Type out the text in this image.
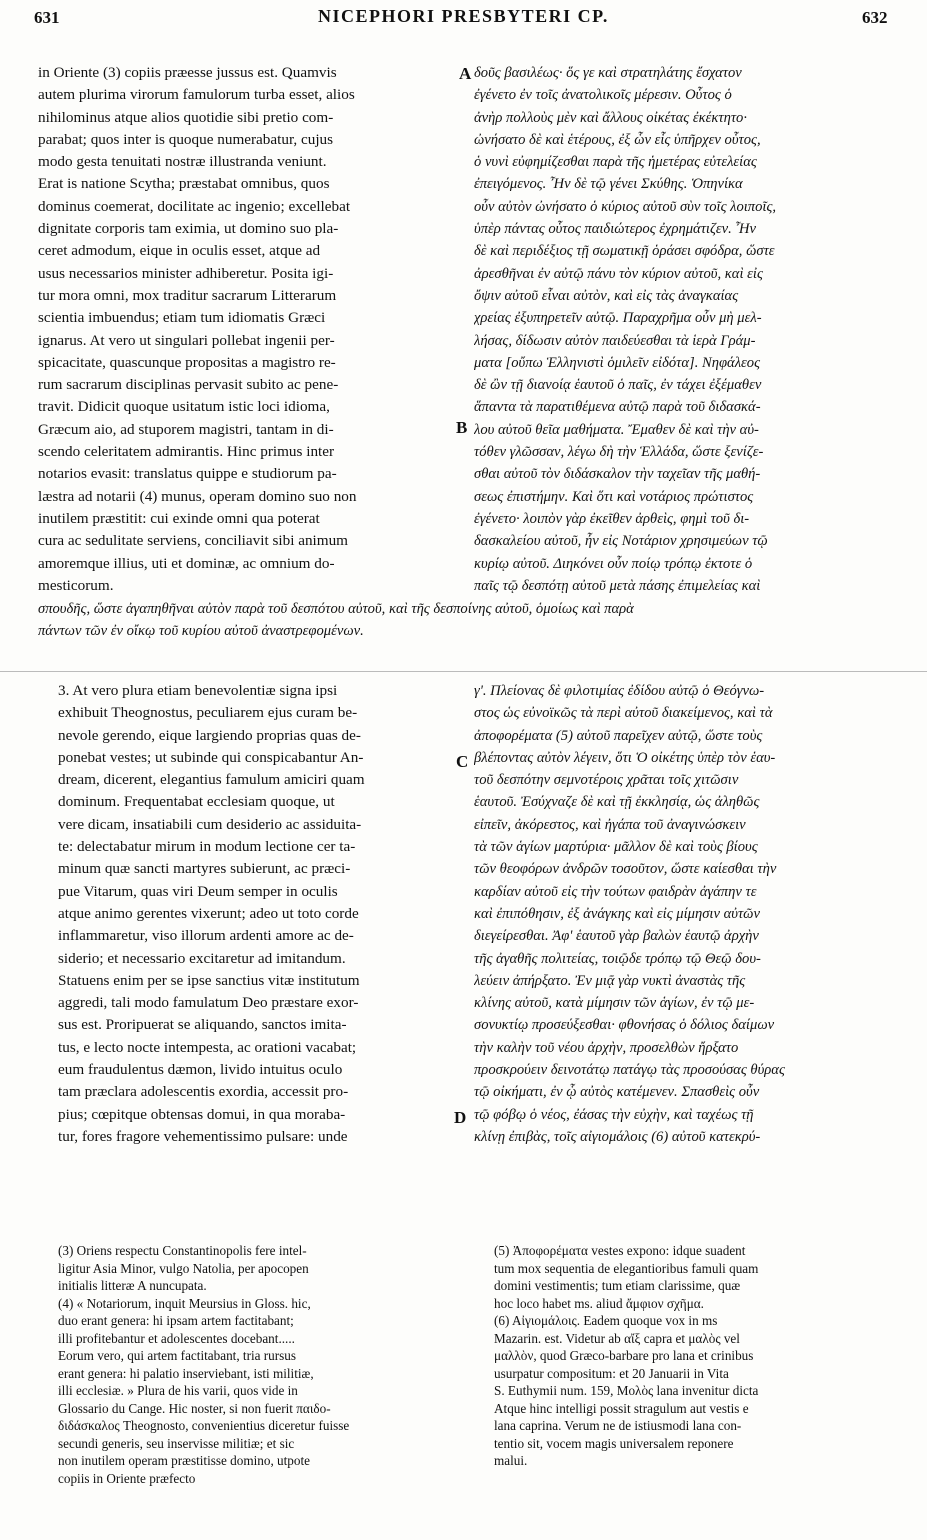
631	NICEPHORI PRESBYTERI CP.	632
A
B
C
D
in Oriente (3) copiis præesse jussus est. Quamvis
autem plurima virorum famulorum turba esset, alios
nihilominus atque alios quotidie sibi pretio com-
parabat; quos inter is quoque numerabatur, cujus
modo gesta tenuitati nostræ illustranda veniunt.
Erat is natione Scytha; præstabat omnibus, quos
dominus coemerat, docilitate ac ingenio; excellebat
dignitate corporis tam eximia, ut domino suo pla-
ceret admodum, eique in oculis esset, atque ad
usus necessarios minister adhiberetur. Posita igi-
tur mora omni, mox traditur sacrarum Litterarum
scientia imbuendus; etiam tum idiomatis Græci
ignarus. At vero ut singulari pollebat ingenii per-
spicacitate, quascunque propositas a magistro re-
rum sacrarum disciplinas pervasit subito ac pene-
travit. Didicit quoque usitatum istic loci idioma,
Græcum aio, ad stuporem magistri, tantam in di-
scendo celeritatem admirantis. Hinc primus inter
notarios evasit: translatus quippe e studiorum pa-
læstra ad notarii (4) munus, operam domino suo non
inutilem præstitit: cui exinde omni qua poterat
cura ac sedulitate serviens, conciliavit sibi animum
amoremque illius, uti et dominæ, ac omnium do-
mesticorum.
δοῦς βασιλέως· ὅς γε καὶ στρατηλάτης ἔσχατον
ἐγένετο ἐν τοῖς ἀνατολικοῖς μέρεσιν. Οὗτος ὁ
ἀνὴρ πολλοὺς μὲν καὶ ἄλλους οἰκέτας ἐκέκτητο·
ὠνήσατο δὲ καὶ ἑτέρους, ἐξ ὧν εἷς ὑπῆρχεν οὗτος,
ὁ νυνὶ εὐφημίζεσθαι παρὰ τῆς ἡμετέρας εὐτελείας
ἐπειγόμενος. Ἦν δὲ τῷ γένει Σκύθης. Ὁπηνίκα
οὖν αὐτὸν ὠνήσατο ὁ κύριος αὐτοῦ σὺν τοῖς λοιποῖς,
ὑπὲρ πάντας οὗτος παιδιώτερος ἐχρημάτιζεν. Ἦν
δὲ καὶ περιδέξιος τῇ σωματικῇ ὁράσει σφόδρα, ὥστε
ἀρεσθῆναι ἐν αὐτῷ πάνυ τὸν κύριον αὐτοῦ, καὶ εἰς
ὄψιν αὐτοῦ εἶναι αὐτὸν, καὶ εἰς τὰς ἀναγκαίας
χρείας ἐξυπηρετεῖν αὐτῷ. Παραχρῆμα οὖν μὴ μελ-
λήσας, δίδωσιν αὐτὸν παιδεύεσθαι τὰ ἱερὰ Γράμ-
ματα [οὔπω Ἑλληνιστὶ ὁμιλεῖν εἰδότα]. Νηφάλεος
δὲ ὢν τῇ διανοίᾳ ἑαυτοῦ ὁ παῖς, ἐν τάχει ἐξέμαθεν
ἅπαντα τὰ παρατιθέμενα αὐτῷ παρὰ τοῦ διδασκά-
λου αὐτοῦ θεῖα μαθήματα. Ἔμαθεν δὲ καὶ τὴν αὐ-
τόθεν γλῶσσαν, λέγω δὴ τὴν Ἑλλάδα, ὥστε ξενίζε-
σθαι αὐτοῦ τὸν διδάσκαλον τὴν ταχεῖαν τῆς μαθή-
σεως ἐπιστήμην. Καὶ ὅτι καὶ νοτάριος πρώτιστος
ἐγένετο· λοιπὸν γὰρ ἐκεῖθεν ἀρθεὶς, φημὶ τοῦ δι-
δασκαλείου αὐτοῦ, ἦν εἰς Νοτάριον χρησιμεύων τῷ
κυρίῳ αὐτοῦ. Διηκόνει οὖν ποίῳ τρόπῳ ἐκτοτε ὁ
παῖς τῷ δεσπότῃ αὐτοῦ μετὰ πάσης ἐπιμελείας καὶ
σπουδῆς, ὥστε ἀγαπηθῆναι αὐτὸν παρὰ τοῦ δεσπότου αὐτοῦ, καὶ τῆς δεσποίνης αὐτοῦ, ὁμοίως καὶ παρὰ
πάντων τῶν ἐν οἴκῳ τοῦ κυρίου αὐτοῦ ἀναστρεφομένων.
3. At vero plura etiam benevolentiæ signa ipsi
exhibuit Theognostus, peculiarem ejus curam be-
nevole gerendo, eique largiendo proprias quas de-
ponebat vestes; ut subinde qui conspicabantur An-
dream, dicerent, elegantius famulum amiciri quam
dominum. Frequentabat ecclesiam quoque, ut
vere dicam, insatiabili cum desiderio ac assiduita-
te: delectabatur mirum in modum lectione cer ta-
minum quæ sancti martyres subierunt, ac præci-
pue Vitarum, quas viri Deum semper in oculis
atque animo gerentes vixerunt; adeo ut toto corde
inflammaretur, viso illorum ardenti amore ac de-
siderio; et necessario excitaretur ad imitandum.
Statuens enim per se ipse sanctius vitæ institutum
aggredi, tali modo famulatum Deo præstare exor-
sus est. Proripuerat se aliquando, sanctos imita-
tus, e lecto nocte intempesta, ac orationi vacabat;
eum fraudulentus dæmon, livido intuitus oculo
tam præclara adolescentis exordia, accessit pro-
pius; cœpitque obtensas domui, in qua moraba-
tur, fores fragore vehementissimo pulsare: unde
γ'. Πλείονας δὲ φιλοτιμίας ἐδίδου αὐτῷ ὁ Θεόγνω-
στος ὡς εὐνοϊκῶς τὰ περὶ αὐτοῦ διακείμενος, καὶ τὰ
ἀποφορέματα (5) αὐτοῦ παρεῖχεν αὐτῷ, ὥστε τοὺς
βλέποντας αὐτὸν λέγειν, ὅτι Ὁ οἰκέτης ὑπὲρ τὸν ἑαυ-
τοῦ δεσπότην σεμνοτέροις χρᾶται τοῖς χιτῶσιν
ἑαυτοῦ. Ἐσύχναζε δὲ καὶ τῇ ἐκκλησίᾳ, ὡς ἀληθῶς
εἰπεῖν, ἀκόρεστος, καὶ ἠγάπα τοῦ ἀναγινώσκειν
τὰ τῶν ἁγίων μαρτύρια· μᾶλλον δὲ καὶ τοὺς βίους
τῶν θεοφόρων ἀνδρῶν τοσοῦτον, ὥστε καίεσθαι τὴν
καρδίαν αὐτοῦ εἰς τὴν τούτων φαιδρὰν ἀγάπην τε
καὶ ἐπιπόθησιν, ἐξ ἀνάγκης καὶ εἰς μίμησιν αὐτῶν
διεγείρεσθαι. Ἀφ' ἑαυτοῦ γὰρ βαλὼν ἑαυτῷ ἀρχὴν
τῆς ἀγαθῆς πολιτείας, τοιῷδε τρόπῳ τῷ Θεῷ δου-
λεύειν ἀπήρξατο. Ἐν μιᾷ γὰρ νυκτὶ ἀναστὰς τῆς
κλίνης αὐτοῦ, κατὰ μίμησιν τῶν ἁγίων, ἐν τῷ με-
σονυκτίῳ προσεύξεσθαι· φθονήσας ὁ δόλιος δαίμων
τὴν καλὴν τοῦ νέου ἀρχὴν, προσελθὼν ἤρξατο
προσκρούειν δεινοτάτῳ πατάγῳ τὰς προσούσας θύρας
τῷ οἰκήματι, ἐν ᾧ αὐτὸς κατέμενεν. Σπασθεὶς οὖν
τῷ φόβῳ ὁ νέος, ἐάσας τὴν εὐχὴν, καὶ ταχέως τῇ
κλίνῃ ἐπιβὰς, τοῖς αἰγιομάλοις (6) αὐτοῦ κατεκρύ-
(3) Oriens respectu Constantinopolis fere intel-
ligitur Asia Minor, vulgo Natolia, per apocopen
initialis litteræ A nuncupata.
(4) « Notariorum, inquit Meursius in Gloss. hic,
duo erant genera: hi ipsam artem factitabant;
illi profitebantur et adolescentes docebant.....
Eorum vero, qui artem factitabant, tria rursus
erant genera: hi palatio inserviebant, isti militiæ,
illi ecclesiæ. » Plura de his varii, quos vide in
Glossario du Cange. Hic noster, si non fuerit παιδο-
διδάσκαλος Theognosto, convenientius diceretur fuisse
secundi generis, seu inservisse militiæ; et sic
non inutilem operam præstitisse domino, utpote
copiis in Oriente præfecto
(5) Ἀποφορέματα vestes expono: idque suadent
tum mox sequentia de elegantioribus famuli quam
domini vestimentis; tum etiam clarissime, quæ
hoc loco habet ms. aliud ἄμφιον σχῆμα.
(6) Αἰγιομάλοις. Eadem quoque vox in ms
Mazarin. est. Videtur ab αἴξ capra et μαλὸς vel
μαλλὸν, quod Græco-barbare pro lana et crinibus
usurpatur compositum: et 20 Januarii in Vita
S. Euthymii num. 159, Μολὸς lana invenitur dicta
Atque hinc intelligi possit stragulum aut vestis e
lana caprina. Verum ne de istiusmodi lana con-
tentio sit, vocem magis universalem reponere
malui.
